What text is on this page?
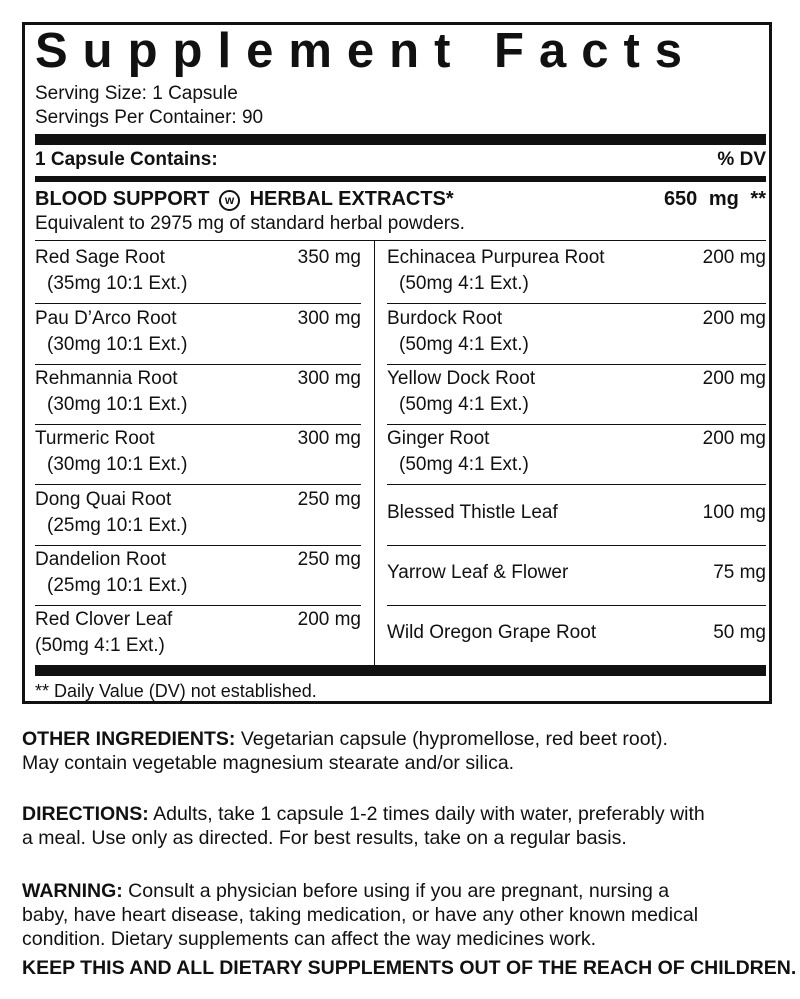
Supplement Facts
Serving Size: 1 Capsule
Servings Per Container: 90
1 Capsule Contains:	% DV
BLOOD SUPPORT w HERBAL EXTRACTS*	650 mg **
Equivalent to 2975 mg of standard herbal powders.
Red Sage Root	350 mg
(35mg 10:1 Ext.)
Pau D’Arco Root	300 mg
(30mg 10:1 Ext.)
Rehmannia Root	300 mg
(30mg 10:1 Ext.)
Turmeric Root	300 mg
(30mg 10:1 Ext.)
Dong Quai Root	250 mg
(25mg 10:1 Ext.)
Dandelion Root	250 mg
(25mg 10:1 Ext.)
Red Clover Leaf	200 mg
(50mg 4:1 Ext.)
Echinacea Purpurea Root	200 mg
(50mg 4:1 Ext.)
Burdock Root	200 mg
(50mg 4:1 Ext.)
Yellow Dock Root	200 mg
(50mg 4:1 Ext.)
Ginger Root	200 mg
(50mg 4:1 Ext.)
Blessed Thistle Leaf	100 mg
Yarrow Leaf & Flower	75 mg
Wild Oregon Grape Root	50 mg
** Daily Value (DV) not established.
OTHER INGREDIENTS: Vegetarian capsule (hypromellose, red beet root).
May contain vegetable magnesium stearate and/or silica.
DIRECTIONS: Adults, take 1 capsule 1-2 times daily with water, preferably with
a meal. Use only as directed. For best results, take on a regular basis.
WARNING: Consult a physician before using if you are pregnant, nursing a
baby, have heart disease, taking medication, or have any other known medical
condition. Dietary supplements can affect the way medicines work.
KEEP THIS AND ALL DIETARY SUPPLEMENTS OUT OF THE REACH OF CHILDREN.
